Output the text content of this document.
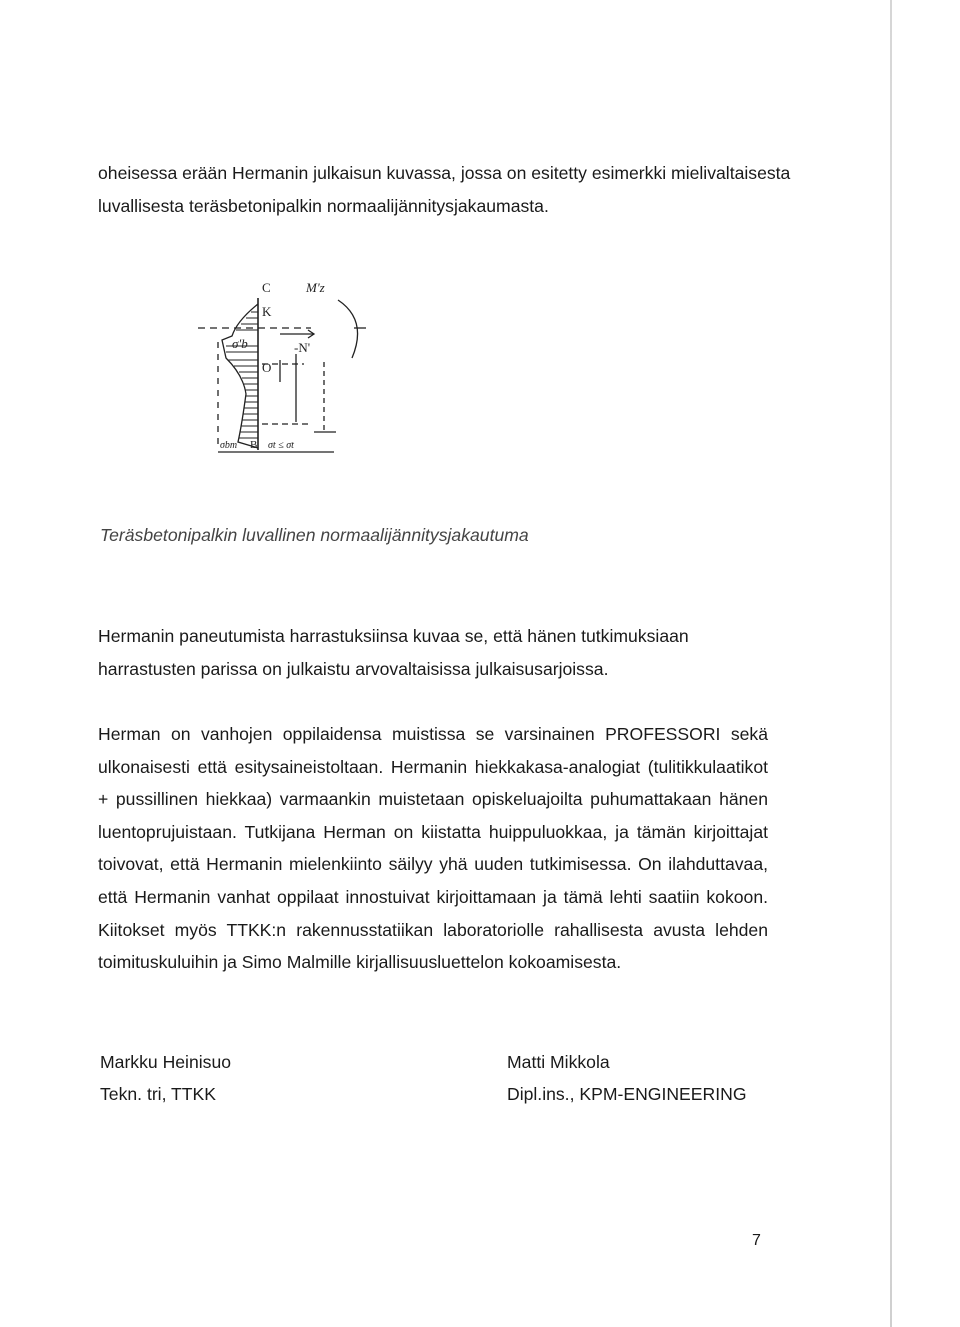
oheisessa erään Hermanin julkaisun kuvassa, jossa on esitetty esimerkki mielivaltaisesta luvallisesta teräsbetonipalkin normaalijännitysjakaumasta.

C	M'z
K
σ'b	-N'
O
B
σbm	σt ≤ σt
Teräsbetonipalkin luvallinen normaalijännitysjakautuma

Hermanin paneutumista harrastuksiinsa kuvaa se, että hänen tutkimuksiaan harrastusten parissa on julkaistu arvovaltaisissa julkaisusarjoissa.

Herman on vanhojen oppilaidensa muistissa se varsinainen PROFESSORI sekä ulkonaisesti että esitysaineistoltaan. Hermanin hiekkakasa-analogiat (tulitikkulaatikot + pussillinen hiekkaa) varmaankin muistetaan opiskeluajoilta puhumattakaan hänen luentoprujuistaan. Tutkijana Herman on kiistatta huippuluokkaa, ja tämän kirjoittajat toivovat, että Hermanin mielenkiinto säilyy yhä uuden tutkimisessa. On ilahduttavaa, että Hermanin vanhat oppilaat innostuivat kirjoittamaan ja tämä lehti saatiin kokoon. Kiitokset myös TTKK:n rakennusstatiikan laboratoriolle rahallisesta avusta lehden toimituskuluihin ja Simo Malmille kirjallisuusluettelon kokoamisesta.

Markku Heinisuo
Tekn. tri, TTKK
Matti Mikkola
Dipl.ins., KPM-ENGINEERING
7
